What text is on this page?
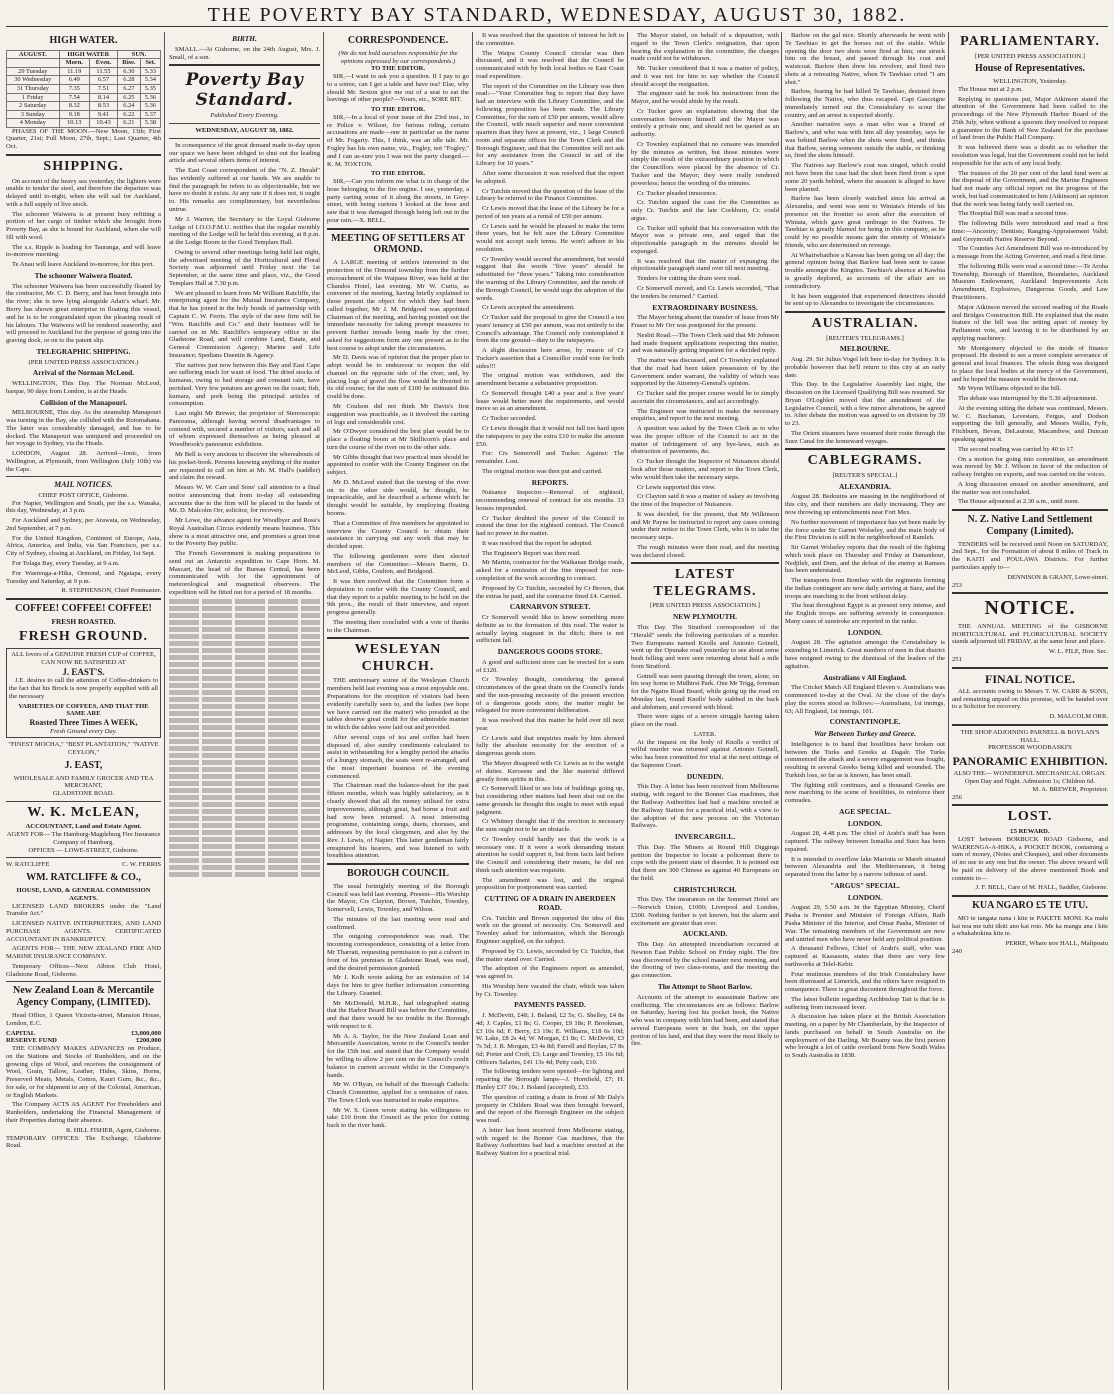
THE POVERTY BAY STANDARD, WEDNESDAY, AUGUST 30, 1882.
HIGH WATER.
AUGUST.	HIGH WATER		SUN.	
	Morn.	Even.	Rise.	Set.
29 Tuesday	11.19	11.55	6.30	5.33
30 Wednesday	6.49	6.57	6.28	5.34
31 Thursday	7.35	7.51	6.27	5.35
1 Friday	7.54	8.14	6.25	5.36
2 Saturday	8.32	8.53	6.24	5.36
3 Sunday	9.18	9.41	6.22	5.37
4 Monday	10.13	10.43	6.21	5.38

PHASES OF THE MOON.—New Moon, 13th; First Quarter, 21st; Full Moon, 27th, Sept.; Last Quarter, 4th Oct.

SHIPPING.

On account of the heavy sea yesterday, the lighters were unable to tender the steel, and therefore the departure was delayed until to-night, when she will sail for Auckland, with a full supply of live stock.

The schooner Waiwera is at present busy refitting a portion of her cargo of timber which she brought from Poverty Bay, as she is bound for Auckland, when she will fill with wool.

The s.s. Ripple is loading for Tauranga, and will leave to-morrow morning.

Te Anau will leave Auckland to-morrow, for this port.

The schooner Waiwera floated.

The schooner Waiwera has been successfully floated by the contractor, Mr. C. D. Berry, and has been brought into the river; she is now lying alongside Adair's wharf. Mr. Berry has shown great enterprise in floating this vessel, and he is to be congratulated upon the pleasing result of his labours. The Waiwera will be rendered seaworthy, and will proceed to Auckland for the purpose of going into the graving dock, or on to the patent slip.

TELEGRAPHIC SHIPPING.
(PER UNITED PRESS ASSOCIATION.)
Arrival of the Norman McLeod.

WELLINGTON, This Day. The Norman McLeod, barque, 90 days from London, is at the Heads.

Collision of the Manapouri.

MELBOURNE, This day. As the steamship Manapouri was turning in the Bay, she collided with the Rotomahana. The latter was considerably damaged, and has to be docked. The Manapouri was uninjured and proceeded on her voyage to Sydney, via the Heads.

LONDON, August 28. Arrived—Ionic, from Wellington, at Plymouth, from Wellington (July 10th) via the Cape.

MAIL NOTICES.
CHIEF POST OFFICE, Gisborne.

For Napier, Wellington and South, per the s.s. Wanaka, this day, Wednesday, at 3 p.m.

For Auckland and Sydney, per Arawata, on Wednesday, 2nd September, at 7 p.m.

For the United Kingdom, Continent of Europe, Asia, Africa, America, and India, via San Francisco, per s.s. City of Sydney, closing at Auckland, on Friday, 1st Sept.

For Tolaga Bay, every Tuesday, at 9 a.m.

For Waerenga-a-Hika, Ormond, and Ngatapa, every Tuesday and Saturday, at 9 p.m.

R. STEPHENSON, Chief Postmaster.
COFFEE! COFFEE! COFFEE!
FRESH ROASTED.
FRESH GROUND.
ALL lovers of a GENUINE FRESH CUP of COFFEE,
CAN NOW BE SATISFIED AT
J. EAST'S.

J.E. desires to call the attention of Coffee-drinkers to the fact that his Brock is now properly supplied with all the necessary

VARIETIES OF COFFEES, AND THAT THE SAME ARE
Roasted Three Times A WEEK,
Fresh Ground every Day.
"FINEST MOCHA," "BEST PLANTATION," "NATIVE CEYLON,"
J. EAST,
WHOLESALE AND FAMILY GROCER AND TEA MERCHANT,
GLADSTONE ROAD.
W. K. McLEAN,
ACCOUNTANT, Land and Estate Agent.
AGENT FOR— The Hamburg-Magdeburg Fire Insurance Company of Hamburg.
OFFICES — LOWE-STREET, Gisborne.
W. RATCLIFFE	C. W. FERRIS
WM. RATCLIFFE & CO.,
HOUSE, LAND, & GENERAL COMMISSION AGENTS.

LICENSED LAND BROKERS under the "Land Transfer Act."

LICENSED NATIVE INTERPRETERS, AND LAND PURCHASE AGENTS. CERTIFICATED ACCOUNTANT IN BANKRUPTCY.

AGENTS FOR— THE NEW ZEALAND FIRE AND MARINE INSURANCE COMPANY.

Temporary Offices—Next Albion Club Hotel, Gladstone Road, Gisborne.

New Zealand Loan & Mercantile Agency Company, (LIMITED).

Head Office, 1 Queen Victoria-street, Mansion House, London, E.C.

CAPITAL	£3,000,000
RESERVE FUND	£200,000

THE COMPANY MAKES ADVANCES on Produce, on the Stations and Stocks of Runholders, and on the growing clips of Wool, and receives the consignment of Wool, Grain, Tallow, Leather, Hides, Skins, Horns, Preserved Meats, Metals, Cotton, Kauri Gum, &c., &c., for sale, or for shipment to any of the Colonial, American, or English Markets.

The Company ACTS AS AGENT For Freeholders and Runholders, undertaking the Financial Management of their Properties during their absence.

R. HILL FISHER, Agent, Gisborne.
TEMPORARY OFFICES: The Exchange, Gladstone Road.
BIRTH.

SMALL.—At Gisborne, on the 24th August, Mrs. J. Small, of a son.

Poverty Bay Standard.
Published Every Evening.
WEDNESDAY, AUGUST 30, 1882.

In consequence of the great demand made to-day upon our space we have been obliged to shut out the leading article and several others items of interest.

The East Coast correspondent of the "N. Z. Herald" has evidently suffered at our hands. We are unable to find the paragraph he refers to as objectionable, but we have no doubt it exists. At any rate if it does not, it ought to. His remarks are complimentary, but nevertheless untrue.

Mr J. Warren, the Secretary to the Loyal Gisborne Lodge of I.O.O.F.M.U. notifies that the regular monthly meeting of the Lodge will be held this evening, at 8 p.m. at the Lodge Room in the Good Templars Hall.

Owing to several other meetings being held last night, the advertised meeting of the Horticultural and Floral Society was adjourned until Friday next the 1st September, at the same time and place, viz., the Good Templars Hall at 7.30 p.m.

We are pleased to learn from Mr William Ratcliffe, the enterprising agent for the Mutual Insurance Company, that he has joined in the holy bonds of partnership with Captain C. W. Ferris. The style of the new firm will be "Wm. Ratcliffe and Co." and their business will be carried on in Mr. Ratcliffe's temporary office in the Gladstone Road, and will combine Land, Estate, and General Commission Agency; Marine and Life Insurance; Spedians Duentin & Agency.

The natives just now between this Bay and East Cape are suffering much for want of food. The dried stocks of kumaras, owing to bad storage and constant rain, have perished. Very few potatoes are grown on the coast; fish, kumara, and pork being the principal articles of consumption.

Last night Mr Brewer, the proprietor of Stereoscopic Panorama, although having several disadvantages to contend with, secured a number of visitors, each and all of whom expressed themselves as being pleased at Woodbrook's panoramic exhibition.

Mr Bell is very anxious to discover the whereabouts of his pocket-book. Persons knowing anything of the matter are requested to call on him at Mr. M. Hall's (saddler) and claim the reward.

Messrs W. W. Carr and Sons' call attention to a final notice announcing that from to-day all outstanding accounts due to the firm will be placed in the hands of Mr. D. Malcolm Orr, solicitor, for recovery.

Mr Lowe, the advance agent for Woodbyer and Ross's Royal Australian Circus evidently means business. This show is a most attractive one, and promises a great treat to the Poverty Bay public.

The French Government is making preparations to send out an Antarctic expedition to Cape Horn. M. Mascart, the head of the Bureau Central, has been communicated with for the appointment of meteorological and magnetical observers. The expedition will be fitted out for a period of 18 months.

CORRESPONDENCE.
(We do not hold ourselves responsible for the opinions expressed by our correspondents.)
TO THE EDITOR.

SIR,—I want to ask you a question. If I pay to go to a soiree, can I get a table and have tea? Else, why should Mr. Sexton give me out of a seat to eat the leavings of other people?—Yours, etc., SORE BIT.

TO THE EDITOR.

SIR,—In a local of your issue of the 23rd inst., in re Police v. Wilson, for furious riding, certain accusations are made—one in particular as the name of Mr. Fogarty. This, I think, was an idle tale. Mr. Fogley has his own name, viz., Fogley, not "Fogley," and I can as-sure you I was not the party charged.—K. M. TOXTON.

TO THE EDITOR.

SIR,—Can you inform me what is in charge of the hose belonging to the fire engine. I see, yesterday, a party carting some of it along the streets, in Grey-street, with being curious I looked at the hose and saw that it was damaged through being left out in the pour rain.—X. BELL.

MEETING OF SETTLERS AT ORMOND.

A LARGE meeting of settlers interested in the protection of the Ormond township from the further encroachment of the Waipaoa River, was held at the Chandos Hotel, last evening. Mr W. Curtis, as convener of the meeting, having briefly explained to those present the object for which they had been called together, Mr J. M. Bridgood was appointed Chairman of the meeting, and having pointed out the immediate necessity for taking prompt measures to prevent further inroads being made by the river, asked for suggestions form any one present as to the best course to adopt under the circumstances.

Mr D. Davis was of opinion that the proper plan to adopt would be to endeavour to reopen the old channel on the opposite side of the river, and, by placing logs of gravel the flow would be diverted to its old course; for the sum of £100 he estimated this could be done.

Mr Coulson did not think Mr Davis's first suggestion was practicable, as it involved the carting of logs and considerable cost.

Mr O'Dwyer considered the best plan would be to place a floating boom at Mr Skillicorn's place and turn the course of the river on to the other side.

Mr Gibbs thought that two practical men should be appointed to confer with the County Engineer on the subject.

Mr D. McLeod stated that the turning of the river on to the other side would, he thought, be impracticable, and he described a scheme which he thought would be suitable, by employing floating booms.

That a Committee of five members be appointed to interview the County Council to obtain their assistance in carrying out any work that may be decided upon.

The following gentlemen were then elected members of the Committee:—Messrs Barrie, D. McLeod, Gibbs, Coulton, and Bridgood.

It was then resolved that the Committee form a deputation to confer with the County Council, and that they report to a public meeting to be held on the 9th prox., the result of their interview, and report progress generally.

The meeting then concluded with a vote of thanks to the Chairman.

WESLEYAN CHURCH.

THE anniversary soiree of the Wesleyan Church members held last evening was a most enjoyable one. Preparations for the reception of visitors had been evidently carefully seen to, and the ladies (we hope we have carried out the matter) who presided at the tables deserve great credit for the admirable manner in which the tables were laid out and provided.

After several cups of tea and coffee had been disposed of, also sundry condiments calculated to assist in withstanding for a lengthy period the attacks of a hungry stomach, the seats were re-arranged, and the most important business of the evening commenced.

The Chairman read the balance-sheet for the past fifteen months, which was highly satisfactory, as it clearly showed that all the money utilised for extra improvements, although great, had borne a fruit and had now been returned. A most interesting programme, containing songs, duets, choruses, and addresses by the local clergymen, and also by the Rev. J. Lewis, of Napier. This latter gentleman fairly enraptured his hearers, and was listened to with breathless attention.

BOROUGH COUNCIL

The usual fortnightly meeting of the Borough Council was held last evening. Present—His Worship the Mayor, Crs Clayton, Brown, Tutchin, Townley, Somervell, Lewis, Townley, and Wilson.

The minutes of the last meeting were read and confirmed.

The outgoing correspondence was read. The incoming correspondence, consisting of a letter from Mr Tharratt, requesting permission to put a culvert in front of his premises in Gladstone Road, was read, and the desired permission granted.

Mr J. Kolb wrote asking for an extension of 14 days for him to give further information concerning the Library. Granted.

Mr McDonald, M.H.R., had telegraphed stating that the Harbor Board Bill was before the Committee, and that there would be no trouble in the Borough with respect to it.

Mr A. A. Taylor, for the New Zealand Loan and Mercantile Association, wrote re the Council's tender for the 15th inst. and stated that the Company would be willing to allow 2 per cent on the Council's credit balance in current account whilst in the Company's hands.

Mr W. O'Ryan, on behalf of the Borough Catholic Church Committee, applied for a remission of rates. The Town Clerk was instructed to make enquiries.

Mr W. S. Green wrote stating his willingness to take £10 from the Council as the price for cutting back to the river bank.

It was resolved that the question of interest be left to the committee.

The Waipu County Council circular was then discussed, and it was resolved that the Council be communicated with by both local bodies re East Coast road expenditure.

The report of the Committee on the Library was then read:—"Your Committee beg to report that they have had an interview with the Library Committee, and the following proposition has been made. The Library Committee, for the sum of £50 per annum, would allow the Council, with much superior and more convenient quarters than they have at present, viz., 1 large Council room and separate offices for the Town Clerk and the Borough Engineer, and that the Committee will not ask for any assistance from the Council in aid of the Library for 10 years."

After some discussion it was resolved that the report be adopted.

Cr Tutchin moved that the question of the lease of the Library be referred to the Finance Committee.

Cr Lewis moved that the lease of the Library be for a period of ten years at a rental of £50 per annum.

Cr Lewis said he would be pleased to make the term three years, but he felt sure the Library Committee would not accept such terms. He won't adhere to his resolution.

Cr Townley would second the amendment, but would suggest that the words "five years" should be substituted for "three years." Taking into consideration the warning of the Library Committee, and the needs of the Borough Council, he would urge the adoption of the words.

Cr Lewis accepted the amendment.

Cr Tucker said the proposal to give the Council a ten years' tenancy at £50 per annum, was not entirely to the Council's advantage. The Council only contemplated it from the one ground—duty to the ratepayers.

A slight discussion here arose, by reason of Cr Tucker's assertion that a Councillor could vote for both sides!!!

The original motion was withdrawn, and the amendment became a substantive proposition.

Cr Somervell thought £40 a year and a five years' lease would better meet the requirements, and would move so as an amendment.

Cr Tucker seconded.

Cr Lewis thought that it would not fall too hard upon the ratepayers to pay the extra £10 to make the amount £50.

For: Crs Somervell and Tucker. Against: The remainder. Lost.

The original motion was then put and carried.

REPORTS.

Nuisance Inspector.—Removal of nightsoil, recommending renewal of contract for six months. 13 houses impounded.

Cr Tucker doubted the power of the Council to extend the time for the nightsoil contract. The Council had no power in the matter.

It was resolved that the report be adopted.

The Engineer's Report was then read.

Mr Martin, contractor for the Waikanae Bridge roads, asked for a remission of the fine imposed for non-completion of the work according to contract.

Proposed by Cr Tutchin, seconded by Cr Brown, that the extras be paid, and the contractor fined £4. Carried.

CARNARVON STREET.

Cr Somervell would like to know something more definite as to the formation of this road. The water is actually laying stagnant in the ditch; there is not sufficient fall.

DANGEROUS GOODS STORE.

A good and sufficient store can be erected for a sum of £120.

Cr Townley thought, considering the general circumstances of the great drain on the Council's funds and the non-pressing necessity of the present erection of a dangerous goods store, the matter might be relegated for more convenient deliberation.

It was resolved that this matter be held over till next year.

Cr Lewis said that enquiries made by him showed fully the absolute necessity for the erection of a dangerous goods store.

The Mayor disagreed with Cr. Lewis as to the weight of duties. Kerosene and the like material differed greatly from spirits in this.

Cr Somervell liked to see lots of buildings going up, but considering other matters had been shut out on the same grounds he thought this ought to meet with equal judgment.

Cr Whitney thought that if the erection is necessary the sum ought not to be an obstacle.

Cr Townley could hardly see that the work is a necessary one. If it were a work demanding instant attention he could support it, but from facts laid before the Council and considering their means, he did not think such attention was requisite.

The amendment was lost, and the original proposition for postponement was carried.

CUTTING OF A DRAIN IN ABERDEEN ROAD.

Crs. Tutchin and Brown supported the idea of this work on the ground of necessity. Crs. Somervell and Townley asked for information, which the Borough Engineer supplied, on the subject.

Proposed by Cr. Lewis, seconded by Cr. Tutchin, that the matter stand over. Carried.

The adoption of the Engineers report as amended, was agreed to.

His Worship here vacated the chair, which was taken by Cr. Townley.

PAYMENTS PASSED.

J. McDevitt, £48; J. Beland, £2 5s; G. Shelley, £4 8s 4d; J. Caples, £1 8s; G. Cooper, £9 18s; P. Brookman, £3 10s 6d; F. Berry, £3 19s; E. Williams, £18 6s 10d; W. Lake, £8 2s 4d; W. Morgan, £1 8s; C. McDevitt, £3 7s 5d; J. R. Morgan, £3 4s 8d; Farrell and Boylan, £7 8s 6d; Porter and Croft, £3; Large and Townley, £5 16s 6d; Officers Salaries, £41 13s 4d; Petty cash, £10.

The following tenders were opened—for lighting and repairing the Borough lamps—J. Hornfield, £7; H. Hanley £37 10s; J. Boland (accepted), £33.

The question of cutting a drain in front of Mr Daly's property in Childers Road was then brought forward, and the report of the Borough Engineer on the subject was read.

A letter has been received from Melbourne stating, with regard to the Bonner Gas machines, that the Railway Authorities had had a machine erected at the Railway Station for a practical trial.

The Mayor stated, on behalf of a deputation, with regard to the Town Clerk's resignation, that upon hearing the explanation in the committee, the charges made could not be withdrawn.

Mr. Tucker considered that it was a matter of policy, and it was not for him to say whether the Council should accept the resignation.

The engineer said he took his instructions from the Mayor, and he would abide by the result.

Cr Tucker gave an explanation showing that the conversation between himself and the Mayor was entirely a private one, and should not be quoted as an authority.

Cr Townley explained that no censure was intended by the minutes as written, but those minutes were simply the result of the extraordinary position in which the Councillors were placed by the absence of Cr. Tucker and the Mayor; they were really rendered powerless; hence the wording of the minutes.

Cr. Tucker pleaded innocence.

Cr. Tutchin argued the case for the Committee as only Cr. Tutchin and the late Cockburn, Cr. could argue.

Cr. Tucker still upheld that his conversation with the Mayor was a private one, and urged that the objectionable paragraph in the minutes should be expunged.

It was resolved that the matter of expunging the objectionable paragraph stand over till next meeting.

Tenders for cutting the drain were read.

Cr Somervell moved, and Cr. Lewis seconded, "That the tenders be returned." Carried.

EXTRAORDINARY BUSINESS.

The Mayor being absent the transfer of lease from Mr Fraser to Mr Orr was postponed for the present.

Nesbit Road.—The Town Clerk said that Mr Johnson had made frequent applications respecting this matter, and was naturally getting impatient for a decided reply.

The matter was discussed, and Cr Townley explained that the road had been taken possession of by the Government under warrant, the validity of which was supported by the Attorney-General's opinion.

Cr Tucker said the proper course would be to simply ascertain the circumstances, and act accordingly.

The Engineer was instructed to make the necessary enquiries, and report to the next meeting.

A question was asked by the Town Clerk as to who was the proper officer of the Council to act in the matter of infringement of any bye-laws, such as obstruction of pavements, &c.

Cr Tucker thought the Inspector of Nuisances should look after those matters, and report to the Town Clerk, who would then take the necessary steps.

Cr Lewis supported this view.

Cr Clayton said it was a matter of salary as involving the time of the Inspector of Nuisances.

It was decided, for the present, that Mr Wilkinson and Mr Payne be instructed to report any cases coming under their notice to the Town Clerk, who is to take the necessary steps.

The rough minutes were then read, and the meeting was declared closed.

LATEST TELEGRAMS.
[PER UNITED PRESS ASSOCIATION.]
NEW PLYMOUTH.

This Day. The Stratford correspondent of the "Herald" sends the following particulars of a murder. Two Europeans named Knolls and Antonio Gotnell, went up the Opunake road yesterday to see about some bush felling and were seen returning about half a mile from Stratford.

Gotnell was seen passing through the town, alone, on his way home to Midhirst Park. One Mr Trigg, foreman for the Ngaire Road Board, while going up the road on Monday last, found Knolls' body stabbed in the back and abdomen, and covered with blood.

There were signs of a severe struggle having taken place on the road.

LATER.

At the inquest on the body of Knolls a verdict of wilful murder was returned against Antonio Gotnell, who has been committed for trial at the next sittings of the Supreme Court.

DUNEDIN.

This Day. A letter has been received from Melbourne stating, with regard to the Bonner Gas machines, that the Railway Authorities had had a machine erected at the Railway Station for a practical trial, with a view to the adoption of the new process on the Victorian Railways.

INVERCARGILL.

This Day. The Miners at Round Hill Diggings petition the Inspector to locate a policeman there to cope with the present state of disorder. It is pointed out that there are 300 Chinese as against 40 Europeans on the field.

CHRISTCHURCH.

This Day. The insurances on the Somerset Hotel are—Norwich Union, £1000; Liverpool and London, £500. Nothing further is yet known, but the alarm and excitement are greater than ever.

AUCKLAND.

This Day. An attempted incendiarism occurred at Newton East Public School on Friday night. The fire was discovered by the school master next morning, and the flooring of two class-rooms, and the meeting the gas connection.

The Attempt to Shoot Barlow.

Accounts of the attempt to assassinate Barlow are conflicting. The circumstances are as follows: Barlow on Saturday, having lost his pocket book, the Native who was in company with him had been, and stated that several Europeans were in the bush, on the upper portion of his land, and that they were the most likely to fire.

Barlow on the gal nice. Shortly afterwards he went with Te Tawhiao to get the horses out of the stable. While opening the door two shots were fired at him; one struck him on the breast, and passed through his coat and waistcoat. Barlow then drew his revolver, and fired two shots at a retreating Native, when Te Tawhiao cried "I am shot."

Barlow, fearing he had killed Te Tawhiao, desisted from following the Native, who thus escaped. Capt Gascoigne immediately turned out the Constabulary to scour the country, and an arrest is expected shortly.

Another narrative says a man who was a friend of Barlow's, and who was with him all day yesterday, says he was behind Barlow when the shots were fired, and thinks that Barlow, seeing someone outside the stable, or thinking so, fired the shots himself.

The Natives say Barlow's coat was singed, which could not have been the case had the shot been fired from a spot some 20 yards behind, where the assassin is alleged to have been planted.

Barlow has been closely watched since his arrival at Alexandra, and went was sent to Winiata's friends of his presence on the frontier so soon after the execution of Winiata, which gave great umbrage to the Natives. Te Tawhiao is greatly blamed for being in this company, as he could by no possible means gain the enmity of Winiata's friends, who are determined on revenge.

At Whatiwhatihoe a Kawau has been going on all day; the general opinion being that Barlow had been sent to cause trouble amongst the Kingites. Tawhiao's absence at Kawhia is greatly deplored, as accounts of the affair are so contradictory.

It has been suggested that experienced detectives should be sent up to Alexandra to investigate the circumstances.

AUSTRALIAN.
[REUTER'S TELEGRAMS.]
MELBOURNE.

Aug. 29. Sir Julius Vogel left here to-day for Sydney. It is probable however that he'll return to this city at an early date.

This Day. In the Legislative Assembly last night, the discussion on the Licensed Qualifying Bill was resumed. Sir Bryan O'Loghlen moved that the amendment of the Legislative Council, with a few minor alterations, be agreed to. After debate the motion was agreed to on division by 39 to 23.

The Orient steamers have resumed their route through the Suez Canal for the homeward voyages.

CABLEGRAMS.
[REUTER'S SPECIAL.]
ALEXANDRIA.

August 28. Bedouins are massing in the neighborhood of this city, and their numbers are daily increasing. They are now throwing up entrenchments near Fort Mex.

No further movement of importance has yet been made by the force under Sir Garnet Wolseley, and the main body of the First Division is still in the neighborhood of Ramleh.

Sir Garnet Wolseley reports that the result of the fighting which took place on Thursday and Friday at Damanhour, Nedjileh, and Dom, and the defeat of the enemy at Ramses has been understated.

The transports from Bombay with the regiments forming the Indian contingent are now daily arriving at Suez, and the troops are marching to the front without delay.

The heat throughout Egypt is at present very intense, and the English troops are suffering severely in consequence. Many cases of sunstroke are reported in the ranks.

LONDON.

August 28. The agitation amongst the Constabulary is extending in Limerick. Great numbers of men in that district have resigned owing to the dismissal of the leaders of the agitation.

Australians v All England.

The Cricket Match All England Eleven v. Australians was commenced to-day at the Oval. At the close of the day's play the scores stood as follows:—Australians, 1st innings, 63; All England, 1st innings, 101.

CONSTANTINOPLE.
War Between Turkey and Greece.

Intelligence is to hand that hostilities have broken out between the Turks and Greeks at Dagalr. The Turks commenced the attack and a severe engagement was fought, resulting in several Greeks being killed and wounded. The Turkish loss, so far as is known, has been small.

The fighting still continues, and a thousand Greeks are now marching to the scene of hostilities, to reinforce their comrades.

AGE SPECIAL.
LONDON.

August 28, 4.48 p.m. The chief of Arabi's staff has been captured. The railway between Ismailia and Suez has been repaired.

It is intended to overflow lake Mariotis or Mareb situated between Alexandria and the Mediterranean, it being separated from the latter by a narrow isthmus of sand.

"ARGUS" SPECIAL.
LONDON.

August 29, 5.50 a.m. In the Egyptian Ministry, Cherif Pasha is Premier and Minister of Foreign Affairs, Raib Pasha Minister of the Interior, and Omar Pasha, Minister of War. The remaining members of the Government are new and untried men who have never held any political position.

A thousand Fellows, Chief of Arabi's staff, who was captured at Kassassin, states that there are very few earthworks at Telel-Kebir.

Four mutinous members of the Irish Constabulary have been dismissed at Limerick, and the others have resigned in consequence. There is great discontent throughout the force.

The latest bulletin regarding Archbishop Tait is that he is suffering from increased fever.

A discussion has taken place at the British Association meeting, on a paper by Mr Chamberlain, by the Inspector of lands purchased on behalf in South Australia on the employment of the Darling. Mr Boamy was the first person who brought a lot of cattle overland from New South Wales to South Australia in 1838.

PARLIAMENTARY.
[PER UNITED PRESS ASSOCIATION.]
House of Representatives.
WELLINGTON, Yesterday.

The House met at 2 p.m.

Replying to questions put, Major Atkinson stated the attention of the Government had been called to the proceedings of the New Plymouth Harbor Board of the 25th July, when without a quorum they resolved to request a guarantee to the Bank of New Zealand for the purchase of land from the Public Hall Company.

It was believed there was a doubt as to whether the resolution was legal, but the Government could not be held responsible for the acts of any local body.

The trustees of the 20 per cent of the land fund were at the disposal of the Government, and the Marine Engineers had not made any official report on the progress of the work, but had communicated to him (Atkinson) an opinion that the work was being fairly well carried on.

The Hospital Bill was read a second time.

The following Bills were introduced and read a first time:—Ancestry; Dentists; Ranging-Appraisement Valid; and Greymouth Native Reserve Beyond.

The Counties Act Amendment Bill was re-introduced by a message from the Acting Governor, and read a first time.

The following Bills were read a second time:—Te Aroha Township, Borough of Hamilton, Boundaries, Auckland Museum Endowment, Auckland Improvements Acts Amendment, Explosives, Dangerous Goods, and Law Practitioners.

Major Atkinson moved the second reading of the Roads and Bridges Construction Bill. He explained that the main feature of the bill was the setting apart of money by Parliament vote, and leaving it to be distributed by an applying machinery.

Mr Montgomery objected to the mode of finance proposed. He desired to see a more complete severance of general and local finances. The whole thing was designed to place the local bodies at the mercy of the Government, and he hoped the measure would be thrown out.

Mr Wynn Williams objected to the bill.

The debate was interrupted by the 5.30 adjournment.

At the evening sitting the debate was continued, Messrs. W. C. Buchanan, Levestam, Fergus, and Dodson supporting the bill generally, and Messrs Wallis, Fyfe, Fitchburn, Bevan, DeLautour, Macandrew, and Duncan speaking against it.

The second reading was carried by 40 to 17.

On a motion for going into committee, an amendment was moved by Mr J. Wilson in favor of the reduction of railway freights on exports, and was carried on the voices.

A long discussion ensued on another amendment, and the matter was not concluded.

The House adjourned at 2.30 a.m., until noon.

N. Z. Native Land Settlement Company (Limited).

TENDERS will be received until Noon on SATURDAY, 2nd Sept., for the Formation of about 8 miles of Track in the KAITI and POULAWA Districts. For further particulars apply to—

DENNISON & GRANT, Lowe-street.
253
NOTICE.

THE ANNUAL MEETING of the GISBORNE HORTICULTURAL and FLORICULTURAL SOCIETY stands adjourned till FRIDAY, at the same hour and place.

W. L. FILE, Hon. Sec.
251
FINAL NOTICE.

ALL accounts owing to Messrs T. W. CARR & SONS, and remaining unpaid on this promise, will be handed over to a Solicitor for recovery.

D. MALCOLM ORR.
THE SHOP ADJOINING PARNELL & BOYLAN'S HALL.
PROFESSOR WOODBASKI'S
PANORAMIC EXHIBITION.
ALSO THE— WONDERFUL MECHANICAL ORGAN.
Open Day and Night. Admission 1s; Children 6d.
M. A. BREWER, Proprietor.
256
LOST.
£5 REWARD.

LOST between BORBUCK ROAD Gisborne, and WAERENGA-A-HIKA, a POCKET BOOK, containing a sum of money, (Notes and Cheques), and other documents of no use to any one but the owner. The above reward will be paid on delivery of the above mentioned Book and contents to—

J. F. BELL, Care of M. HALL, Saddler, Gisborne.
KUA NGARO £5 TE UTU.

MO te tangata nana i kite te PAKETE MONI. Ka mahi kai noa me tuhi tikiti ano kai roto. Me ka mangu ana i kite a whakahokina kite te.

PERRE, Whare tere HALL, Malipoatu
240
